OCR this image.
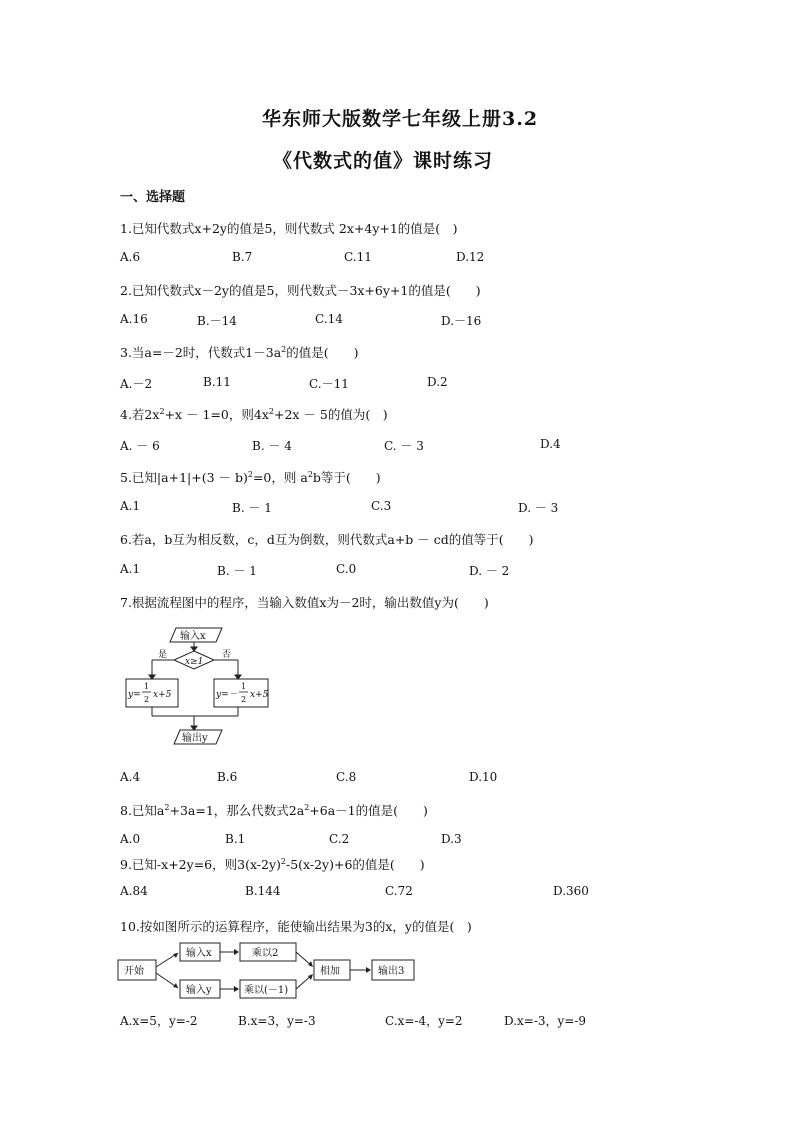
华东师大版数学七年级上册3.2
《代数式的值》课时练习
一、选择题
1.已知代数式x+2y的值是5，则代数式 2x+4y+1的值是(　)
A.6	B.7	C.11	D.12
2.已知代数式x－2y的值是5，则代数式－3x+6y+1的值是(　　)
A.16	B.－14	C.14	D.－16
3.当a=－2时，代数式$1-3a^2$的值是(　　)
A.－2	B.11	C.－11	D.2
4.若$2x^2+x - 1=0$，则$4x^2+2x - 5$的值为(　)
A. － 6	B. － 4	C. － 3	D.4
5.已知$|a+1|+(3 - b)^2=0$，则 $a^2b$等于(　　)
A.1	B. － 1	C.3	D. － 3
6.若a，b互为相反数，c，d互为倒数，则代数式a+b － cd的值等于(　　)
A.1	B. － 1	C.0	D. － 2
7.根据流程图中的程序，当输入数值x为－2时，输出数值y为(　　)
输入x
x≥1
是	否
y=
1
2 x+5	y=－
1
2 x+5
输出y
A.4	B.6	C.8	D.10
8.已知$a^2+3a=1$，那么代数式$2a^2+6a-1$的值是(　　)
A.0	B.1	C.2	D.3
9.已知-x+2y=6，则$3(x-2y)^2-5(x-2y)+6$的值是(　　)
A.84	B.144	C.72	D.360
10.按如图所示的运算程序，能使输出结果为3的x，y的值是(　)
开始
输入x
输入y
乘以2
乘以(－1)
相加	输出3
A.x=5，y=-2	B.x=3，y=-3	C.x=-4，y=2	D.x=-3，y=-9
